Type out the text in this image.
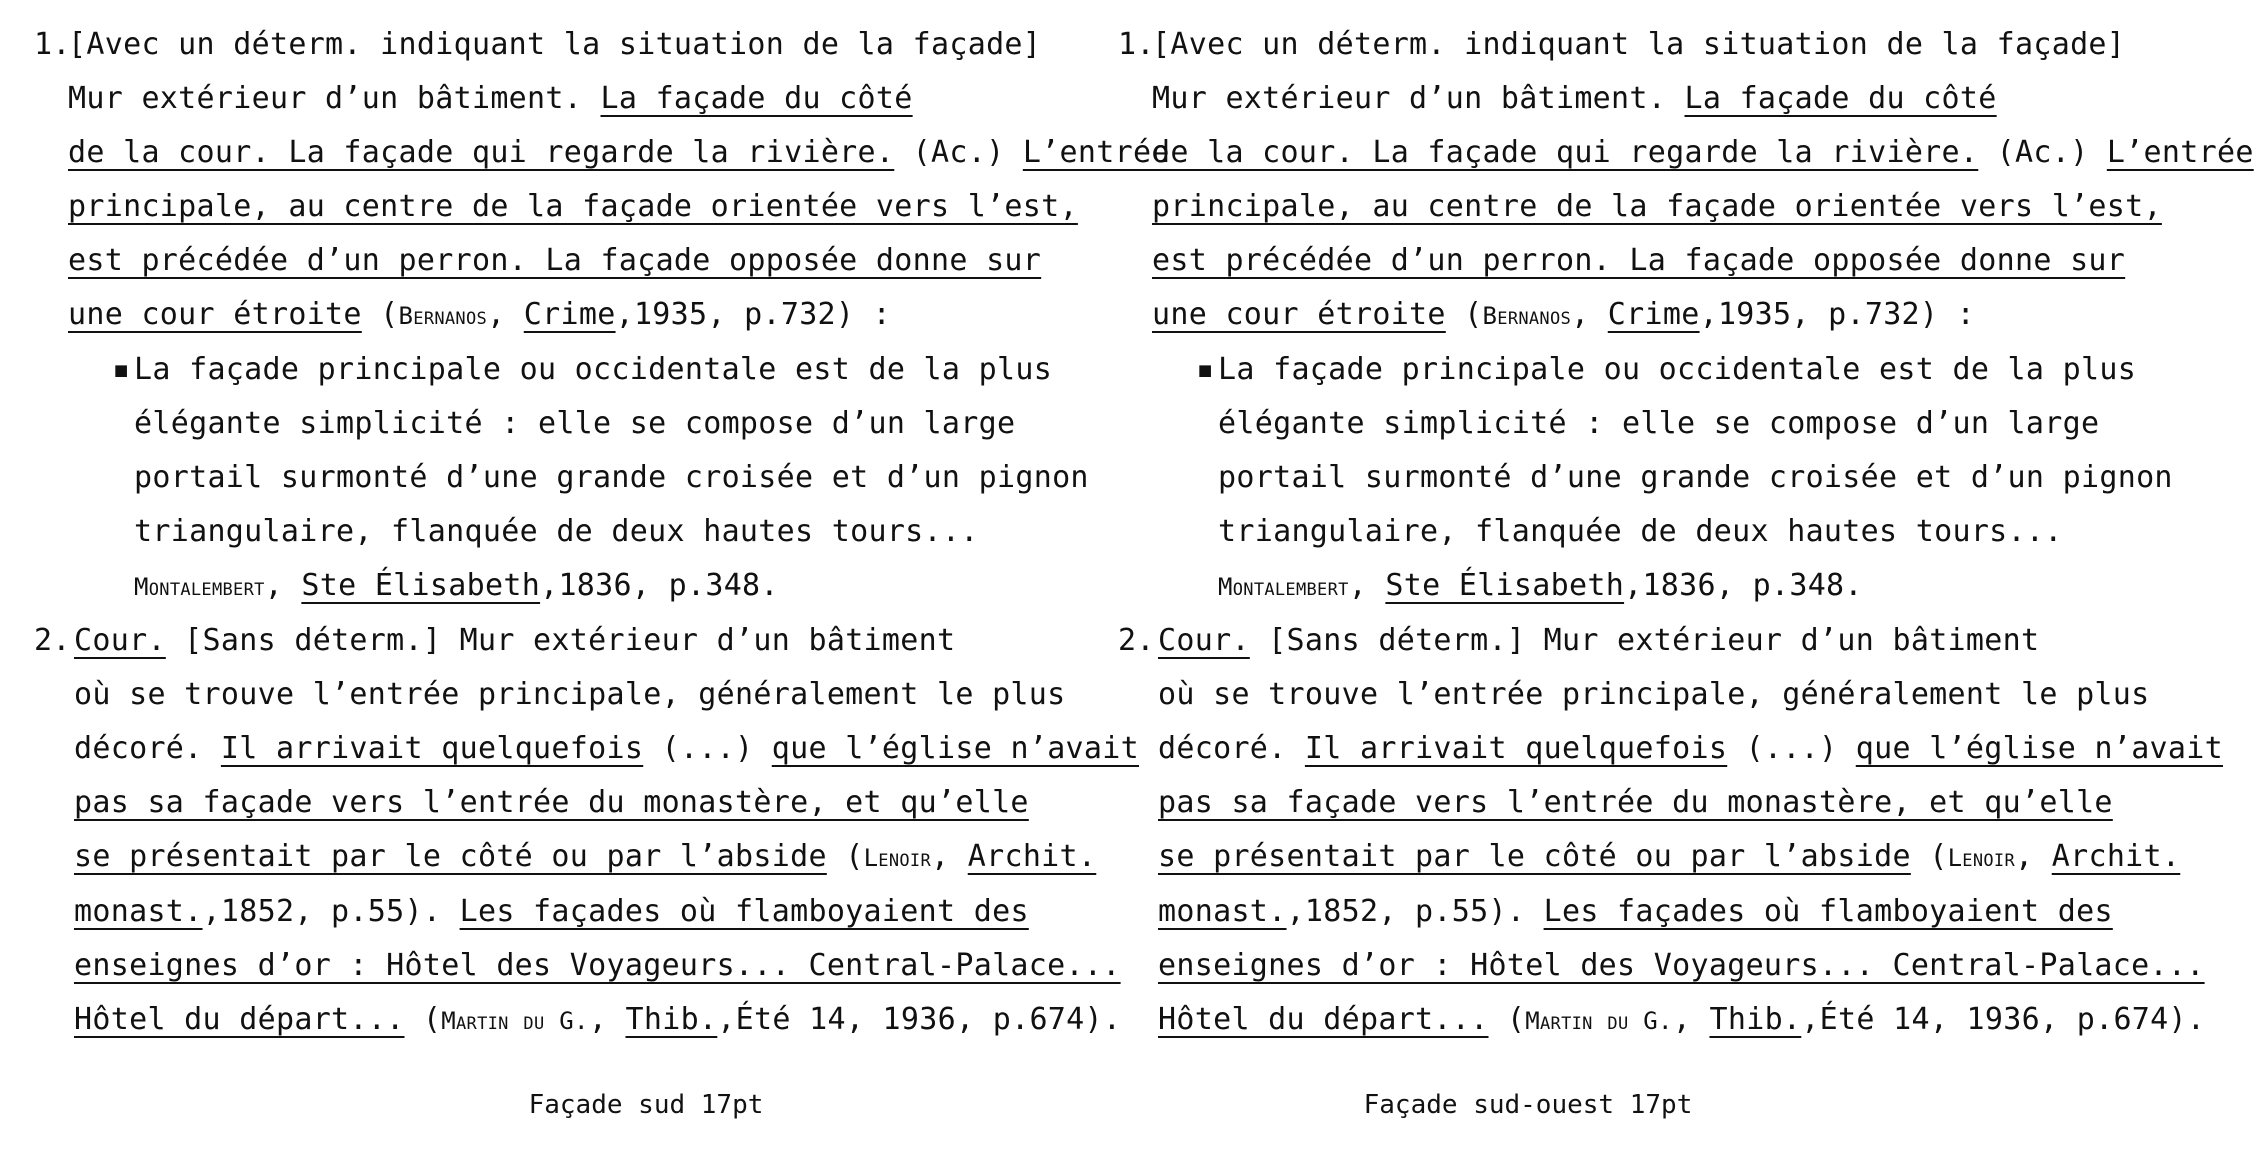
1.
[Avec un déterm. indiquant la situation de la façade]
Mur extérieur d’un bâtiment. La façade du côté
de la cour. La façade qui regarde la rivière. (Ac.) L’entrée
principale, au centre de la façade orientée vers l’est,
est précédée d’un perron. La façade opposée donne sur
une cour étroite (Bernanos, Crime,1935, p.732) :
▪ La façade principale ou occidentale est de la plus
élégante simplicité : elle se compose d’un large
portail surmonté d’une grande croisée et d’un pignon
triangulaire, flanquée de deux hautes tours...
Montalembert, Ste Élisabeth,1836, p.348.
2. Cour. [Sans déterm.] Mur extérieur d’un bâtiment
où se trouve l’entrée principale, généralement le plus
décoré. Il arrivait quelquefois (...) que l’église n’avait
pas sa façade vers l’entrée du monastère, et qu’elle
se présentait par le côté ou par l’abside (Lenoir, Archit.
monast.,1852, p.55). Les façades où flamboyaient des
enseignes d’or : Hôtel des Voyageurs... Central-Palace...
Hôtel du départ... (Martin du G., Thib.,Été 14, 1936, p.674).
Façade sud 17pt
1.
[Avec un déterm. indiquant la situation de la façade]
Mur extérieur d’un bâtiment. La façade du côté
de la cour. La façade qui regarde la rivière. (Ac.) L’entrée
principale, au centre de la façade orientée vers l’est,
est précédée d’un perron. La façade opposée donne sur
une cour étroite (Bernanos, Crime,1935, p.732) :
▪ La façade principale ou occidentale est de la plus
élégante simplicité : elle se compose d’un large
portail surmonté d’une grande croisée et d’un pignon
triangulaire, flanquée de deux hautes tours...
Montalembert, Ste Élisabeth,1836, p.348.
2. Cour. [Sans déterm.] Mur extérieur d’un bâtiment
où se trouve l’entrée principale, généralement le plus
décoré. Il arrivait quelquefois (...) que l’église n’avait
pas sa façade vers l’entrée du monastère, et qu’elle
se présentait par le côté ou par l’abside (Lenoir, Archit.
monast.,1852, p.55). Les façades où flamboyaient des
enseignes d’or : Hôtel des Voyageurs... Central-Palace...
Hôtel du départ... (Martin du G., Thib.,Été 14, 1936, p.674).
Façade sud-ouest 17pt
